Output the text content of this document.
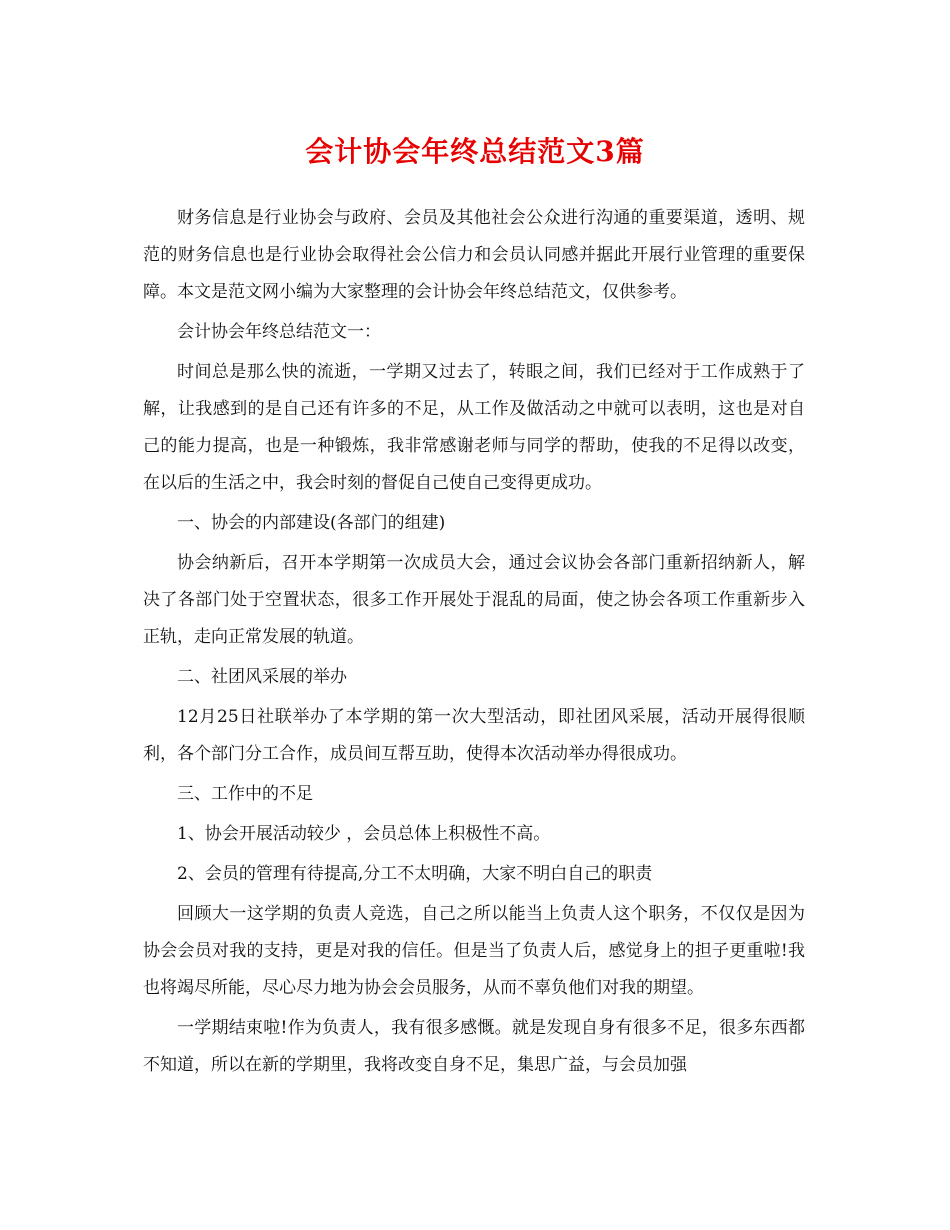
会计协会年终总结范文3篇

财务信息是行业协会与政府、会员及其他社会公众进行沟通的重要渠道，透明、规范的财务信息也是行业协会取得社会公信力和会员认同感并据此开展行业管理的重要保障。本文是范文网小编为大家整理的会计协会年终总结范文，仅供参考。

会计协会年终总结范文一：

时间总是那么快的流逝，一学期又过去了，转眼之间，我们已经对于工作成熟于了解，让我感到的是自己还有许多的不足，从工作及做活动之中就可以表明，这也是对自己的能力提高，也是一种锻炼，我非常感谢老师与同学的帮助，使我的不足得以改变，在以后的生活之中，我会时刻的督促自己使自己变得更成功。

一、协会的内部建设(各部门的组建)

协会纳新后，召开本学期第一次成员大会，通过会议协会各部门重新招纳新人，解决了各部门处于空置状态，很多工作开展处于混乱的局面，使之协会各项工作重新步入正轨，走向正常发展的轨道。

二、社团风采展的举办

12月25日社联举办了本学期的第一次大型活动，即社团风采展，活动开展得很顺利，各个部门分工合作，成员间互帮互助，使得本次活动举办得很成功。

三、工作中的不足

1、协会开展活动较少 ，会员总体上积极性不高。

2、会员的管理有待提高,分工不太明确，大家不明白自己的职责

回顾大一这学期的负责人竞选，自己之所以能当上负责人这个职务，不仅仅是因为协会会员对我的支持，更是对我的信任。但是当了负责人后，感觉身上的担子更重啦!我也将竭尽所能，尽心尽力地为协会会员服务，从而不辜负他们对我的期望。

一学期结束啦!作为负责人，我有很多感慨。就是发现自身有很多不足，很多东西都不知道，所以在新的学期里，我将改变自身不足，集思广益，与会员加强
